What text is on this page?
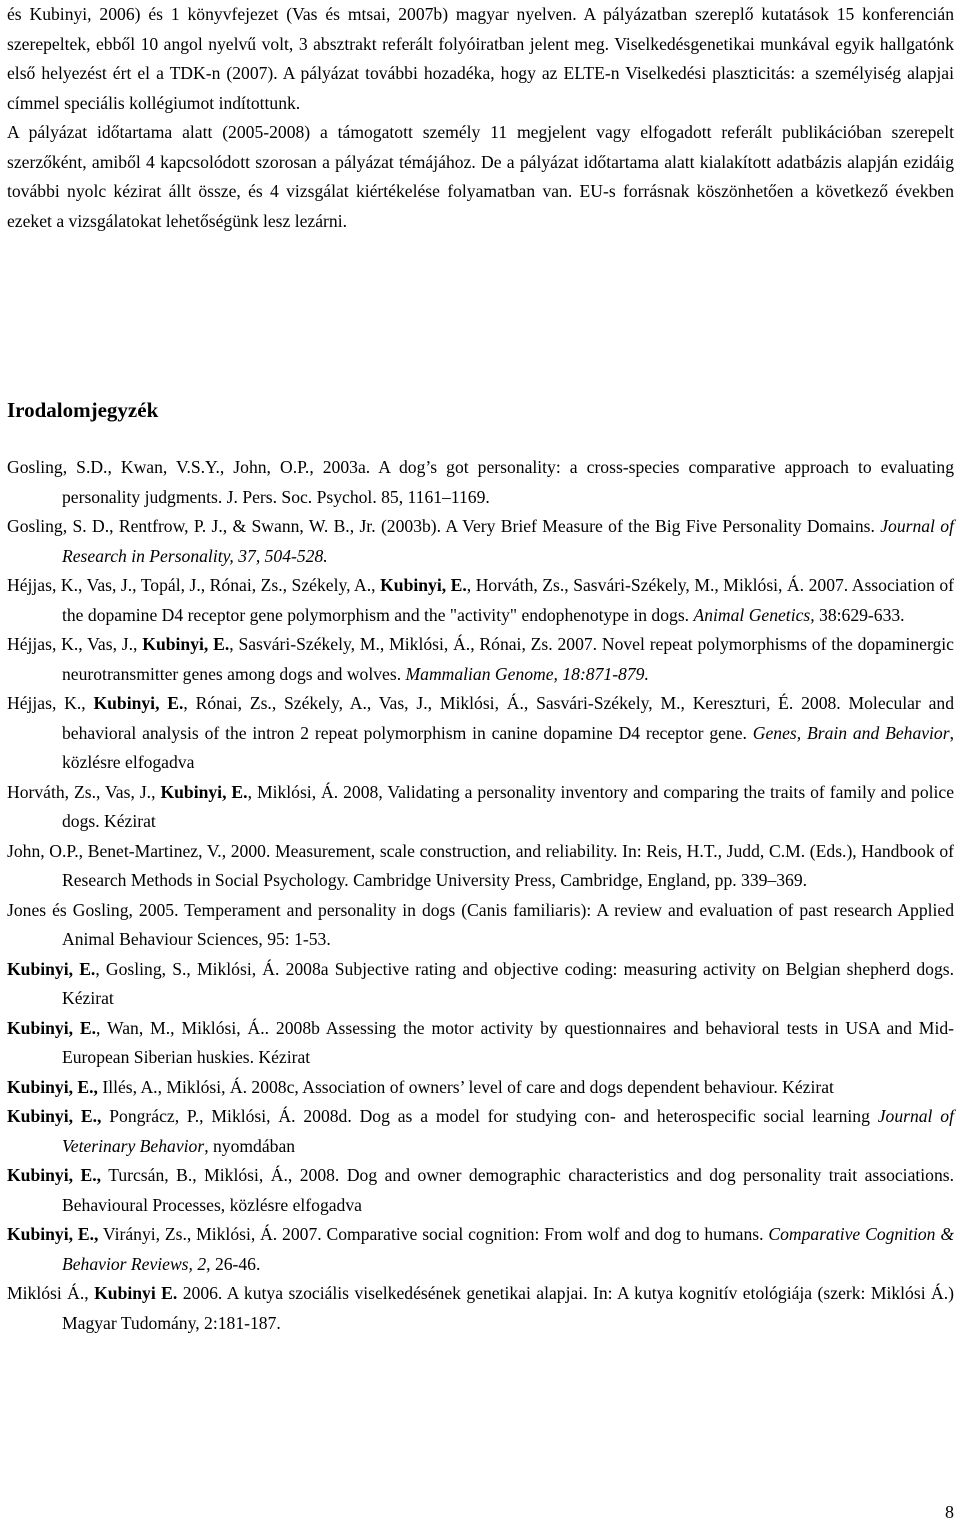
és Kubinyi, 2006) és 1 könyvfejezet (Vas és mtsai, 2007b) magyar nyelven. A pályázatban szereplő kutatások 15 konferencián szerepeltek, ebből 10 angol nyelvű volt, 3 absztrakt referált folyóiratban jelent meg. Viselkedésgenetikai munkával egyik hallgatónk első helyezést ért el a TDK-n (2007). A pályázat további hozadéka, hogy az ELTE-n Viselkedési plaszticitás: a személyiség alapjai címmel speciális kollégiumot indítottunk.

A pályázat időtartama alatt (2005-2008) a támogatott személy 11 megjelent vagy elfogadott referált publikációban szerepelt szerzőként, amiből 4 kapcsolódott szorosan a pályázat témájához. De a pályázat időtartama alatt kialakított adatbázis alapján ezidáig további nyolc kézirat állt össze, és 4 vizsgálat kiértékelése folyamatban van. EU-s forrásnak köszönhetően a következő években ezeket a vizsgálatokat lehetőségünk lesz lezárni.

Irodalomjegyzék

Gosling, S.D., Kwan, V.S.Y., John, O.P., 2003a. A dog’s got personality: a cross-species comparative approach to evaluating personality judgments. J. Pers. Soc. Psychol. 85, 1161–1169.

Gosling, S. D., Rentfrow, P. J., & Swann, W. B., Jr. (2003b). A Very Brief Measure of the Big Five Personality Domains. Journal of Research in Personality, 37, 504-528.

Héjjas, K., Vas, J., Topál, J., Rónai, Zs., Székely, A., Kubinyi, E., Horváth, Zs., Sasvári-Székely, M., Miklósi, Á. 2007. Association of the dopamine D4 receptor gene polymorphism and the "activity" endophenotype in dogs. Animal Genetics, 38:629-633.

Héjjas, K., Vas, J., Kubinyi, E., Sasvári-Székely, M., Miklósi, Á., Rónai, Zs. 2007. Novel repeat polymorphisms of the dopaminergic neurotransmitter genes among dogs and wolves. Mammalian Genome, 18:871-879.

Héjjas, K., Kubinyi, E., Rónai, Zs., Székely, A., Vas, J., Miklósi, Á., Sasvári-Székely, M., Kereszturi, É. 2008. Molecular and behavioral analysis of the intron 2 repeat polymorphism in canine dopamine D4 receptor gene. Genes, Brain and Behavior, közlésre elfogadva

Horváth, Zs., Vas, J., Kubinyi, E., Miklósi, Á. 2008, Validating a personality inventory and comparing the traits of family and police dogs. Kézirat

John, O.P., Benet-Martinez, V., 2000. Measurement, scale construction, and reliability. In: Reis, H.T., Judd, C.M. (Eds.), Handbook of Research Methods in Social Psychology. Cambridge University Press, Cambridge, England, pp. 339–369.

Jones és Gosling, 2005. Temperament and personality in dogs (Canis familiaris): A review and evaluation of past research Applied Animal Behaviour Sciences, 95: 1-53.

Kubinyi, E., Gosling, S., Miklósi, Á. 2008a Subjective rating and objective coding: measuring activity on Belgian shepherd dogs. Kézirat

Kubinyi, E., Wan, M., Miklósi, Á.. 2008b Assessing the motor activity by questionnaires and behavioral tests in USA and Mid-European Siberian huskies. Kézirat

Kubinyi, E., Illés, A., Miklósi, Á. 2008c, Association of owners’ level of care and dogs dependent behaviour. Kézirat

Kubinyi, E., Pongrácz, P., Miklósi, Á. 2008d. Dog as a model for studying con- and heterospecific social learning Journal of Veterinary Behavior, nyomdában

Kubinyi, E., Turcsán, B., Miklósi, Á., 2008. Dog and owner demographic characteristics and dog personality trait associations. Behavioural Processes, közlésre elfogadva

Kubinyi, E., Virányi, Zs., Miklósi, Á. 2007. Comparative social cognition: From wolf and dog to humans. Comparative Cognition & Behavior Reviews, 2, 26-46.

Miklósi Á., Kubinyi E. 2006. A kutya szociális viselkedésének genetikai alapjai. In: A kutya kognitív etológiája (szerk: Miklósi Á.) Magyar Tudomány, 2:181-187.

8
